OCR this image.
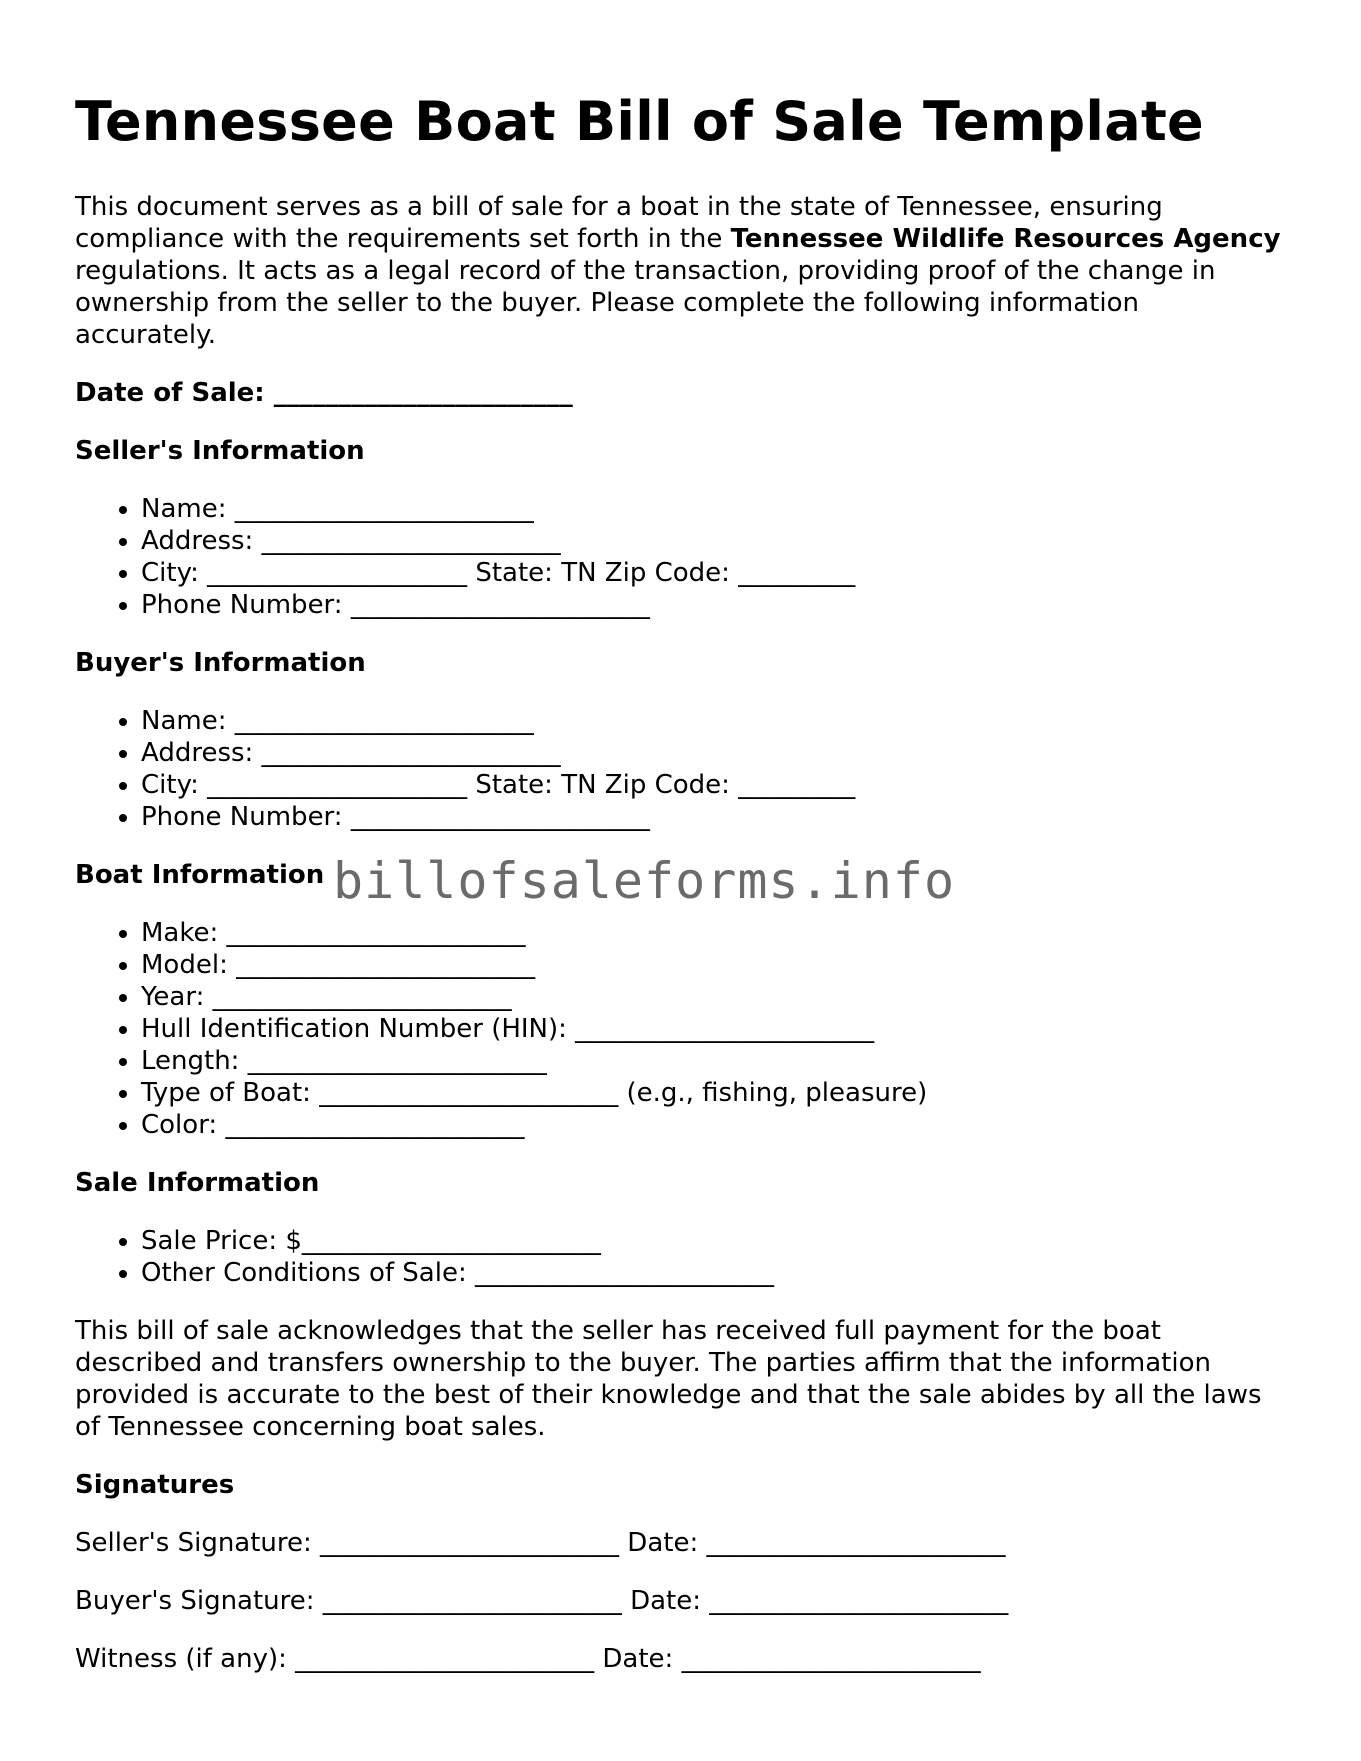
Tennessee Boat Bill of Sale Template

This document serves as a bill of sale for a boat in the state of Tennessee, ensuring compliance with the requirements set forth in the Tennessee Wildlife Resources Agency regulations. It acts as a legal record of the transaction, providing proof of the change in ownership from the seller to the buyer. Please complete the following information accurately.

Date of Sale: _______________________
Seller's Information
• Name: _______________________
• Address: _______________________
• City: ____________________ State: TN Zip Code: _________
• Phone Number: _______________________
Buyer's Information
• Name: _______________________
• Address: _______________________
• City: ____________________ State: TN Zip Code: _________
• Phone Number: _______________________
Boat Information
• Make: _______________________
• Model: _______________________
• Year: _______________________
• Hull Identification Number (HIN): _______________________
• Length: _______________________
• Type of Boat: _______________________ (e.g., fishing, pleasure)
• Color: _______________________
Sale Information
• Sale Price: $_______________________
• Other Conditions of Sale: _______________________

This bill of sale acknowledges that the seller has received full payment for the boat described and transfers ownership to the buyer. The parties affirm that the information provided is accurate to the best of their knowledge and that the sale abides by all the laws of Tennessee concerning boat sales.

Signatures
Seller's Signature: _______________________ Date: _______________________
Buyer's Signature: _______________________ Date: _______________________
Witness (if any): _______________________ Date: _______________________
billofsaleforms.info
